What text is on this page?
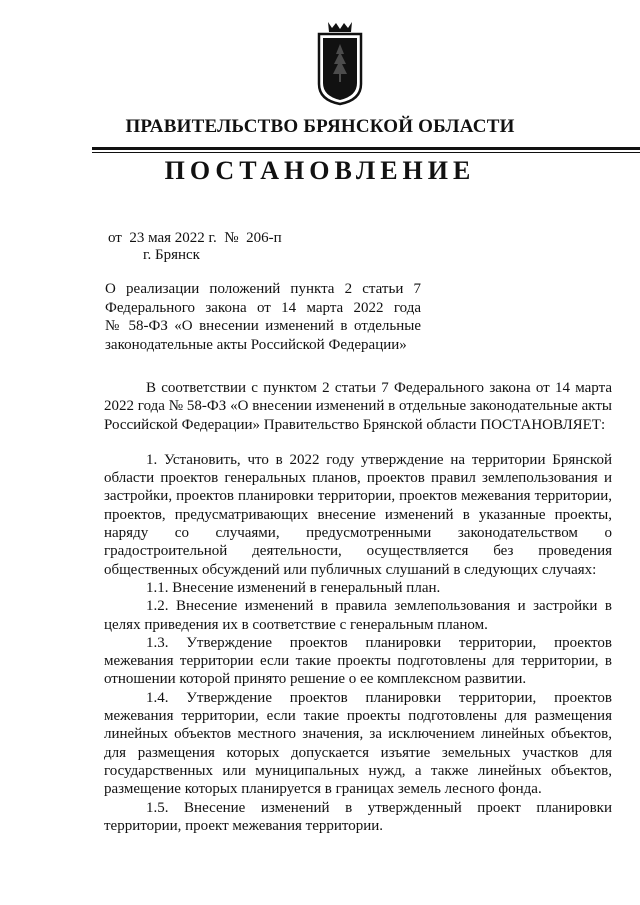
ПРАВИТЕЛЬСТВО БРЯНСКОЙ ОБЛАСТИ
ПОСТАНОВЛЕНИЕ
от  23 мая 2022 г.  №  206-п
г. Брянск
О реализации положений пункта 2 статьи 7
Федерального закона от 14 марта 2022 года
№ 58-ФЗ «О внесении изменений в отдельные
законодательные акты Российской Федерации»

В соответствии с пунктом 2 статьи 7 Федерального закона от 14 марта 2022 года № 58-ФЗ «О внесении изменений в отдельные законодательные акты Российской Федерации» Правительство Брянской области ПОСТАНОВЛЯЕТ:

1. Установить, что в 2022 году утверждение на территории Брянской области проектов генеральных планов, проектов правил землепользования и застройки, проектов планировки территории, проектов межевания территории, проектов, предусматривающих внесение изменений в указанные проекты, наряду со случаями, предусмотренными законодательством о градостроительной деятельности, осуществляется без проведения общественных обсуждений или публичных слушаний в следующих случаях:

1.1. Внесение изменений в генеральный план.

1.2. Внесение изменений в правила землепользования и застройки в целях приведения их в соответствие с генеральным планом.

1.3. Утверждение проектов планировки территории, проектов межевания территории если такие проекты подготовлены для территории, в отношении которой принято решение о ее комплексном развитии.

1.4. Утверждение проектов планировки территории, проектов межевания территории, если такие проекты подготовлены для размещения линейных объектов местного значения, за исключением линейных объектов, для размещения которых допускается изъятие земельных участков для государственных или муниципальных нужд, а также линейных объектов, размещение которых планируется в границах земель лесного фонда.

1.5. Внесение изменений в утвержденный проект планировки территории, проект межевания территории.
